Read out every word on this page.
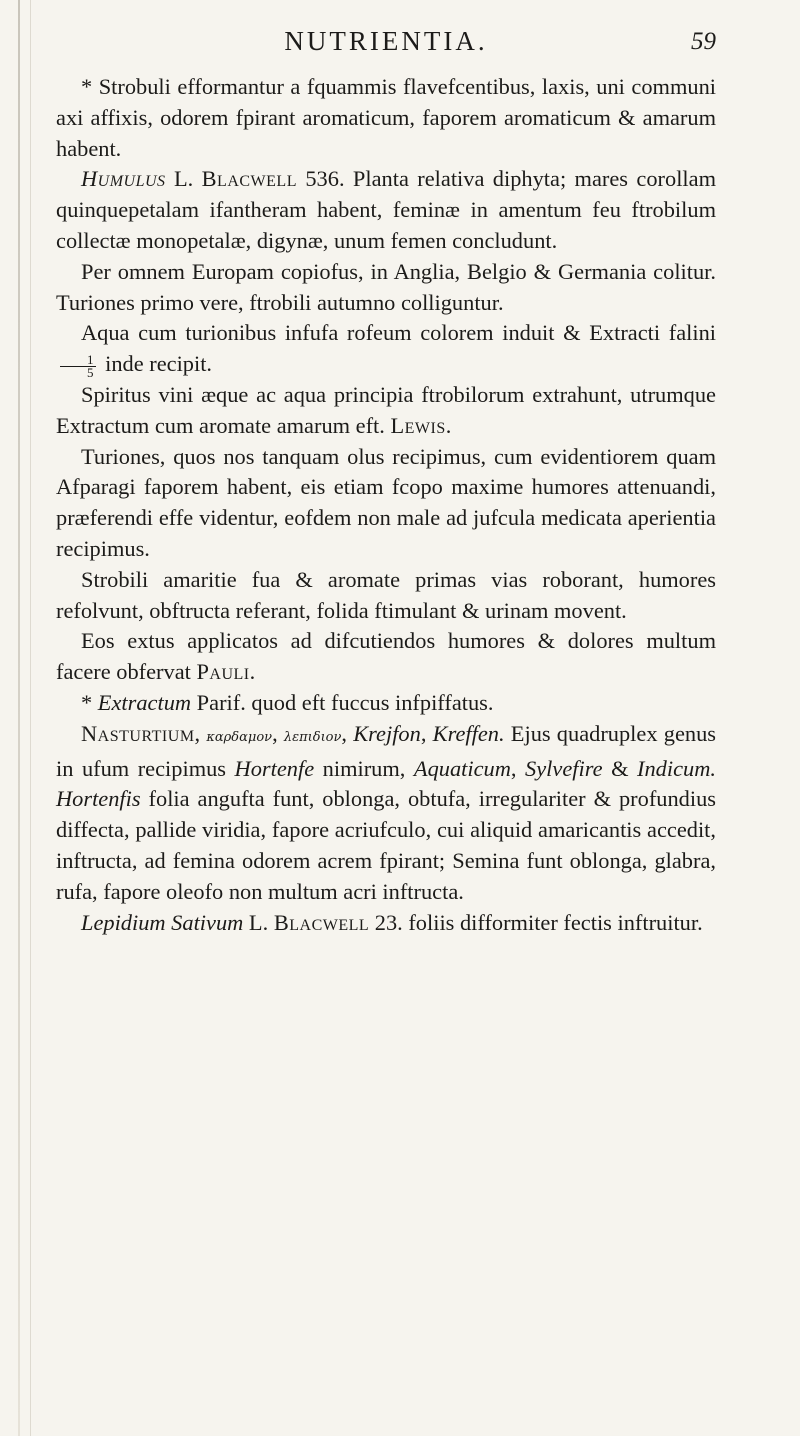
NUTRIENTIA.	59

* Strobuli efformantur a fquammis flavefcentibus, laxis, uni communi axi affixis, odorem fpirant aromaticum, faporem aromaticum & amarum habent.

Humulus L. Blacwell 536. Planta relativa diphyta; mares corollam quinquepetalam ifantheram habent, feminæ in amentum feu ftrobilum collectæ monopetalæ, digynæ, unum femen concludunt.

Per omnem Europam copiofus, in Anglia, Belgio & Germania colitur. Turiones primo vere, ftrobili autumno colliguntur.

Aqua cum turionibus infufa rofeum colorem induit & Extracti falini
$\frac{1}{5}$ inde recipit.

Spiritus vini æque ac aqua principia ftrobilorum extrahunt, utrumque Extractum cum aromate amarum eft. Lewis.

Turiones, quos nos tanquam olus recipimus, cum evidentiorem quam Afparagi faporem habent, eis etiam fcopo maxime humores attenuandi, præferendi effe videntur, eofdem non male ad jufcula medicata aperientia recipimus.

Strobili amaritie fua & aromate primas vias roborant, humores refolvunt, obftructa referant, folida ftimulant & urinam movent.

Eos extus applicatos ad difcutiendos humores & dolores multum facere obfervat Pauli.

* Extractum Parif. quod eft fuccus infpiffatus.

Nasturtium, καρδαμον, λεπιδιον, Krejfon, Kreffen. Ejus quadruplex genus in ufum recipimus Hortenfe nimirum, Aquaticum, Sylvefire & Indicum. Hortenfis folia angufta funt, oblonga, obtufa, irregulariter & profundius diffecta, pallide viridia, fapore acriufculo, cui aliquid amaricantis accedit, inftructa, ad femina odorem acrem fpirant; Semina funt oblonga, glabra, rufa, fapore oleofo non multum acri inftructa.

Lepidium Sativum L. Blacwell 23. foliis difformiter fectis inftruitur.
